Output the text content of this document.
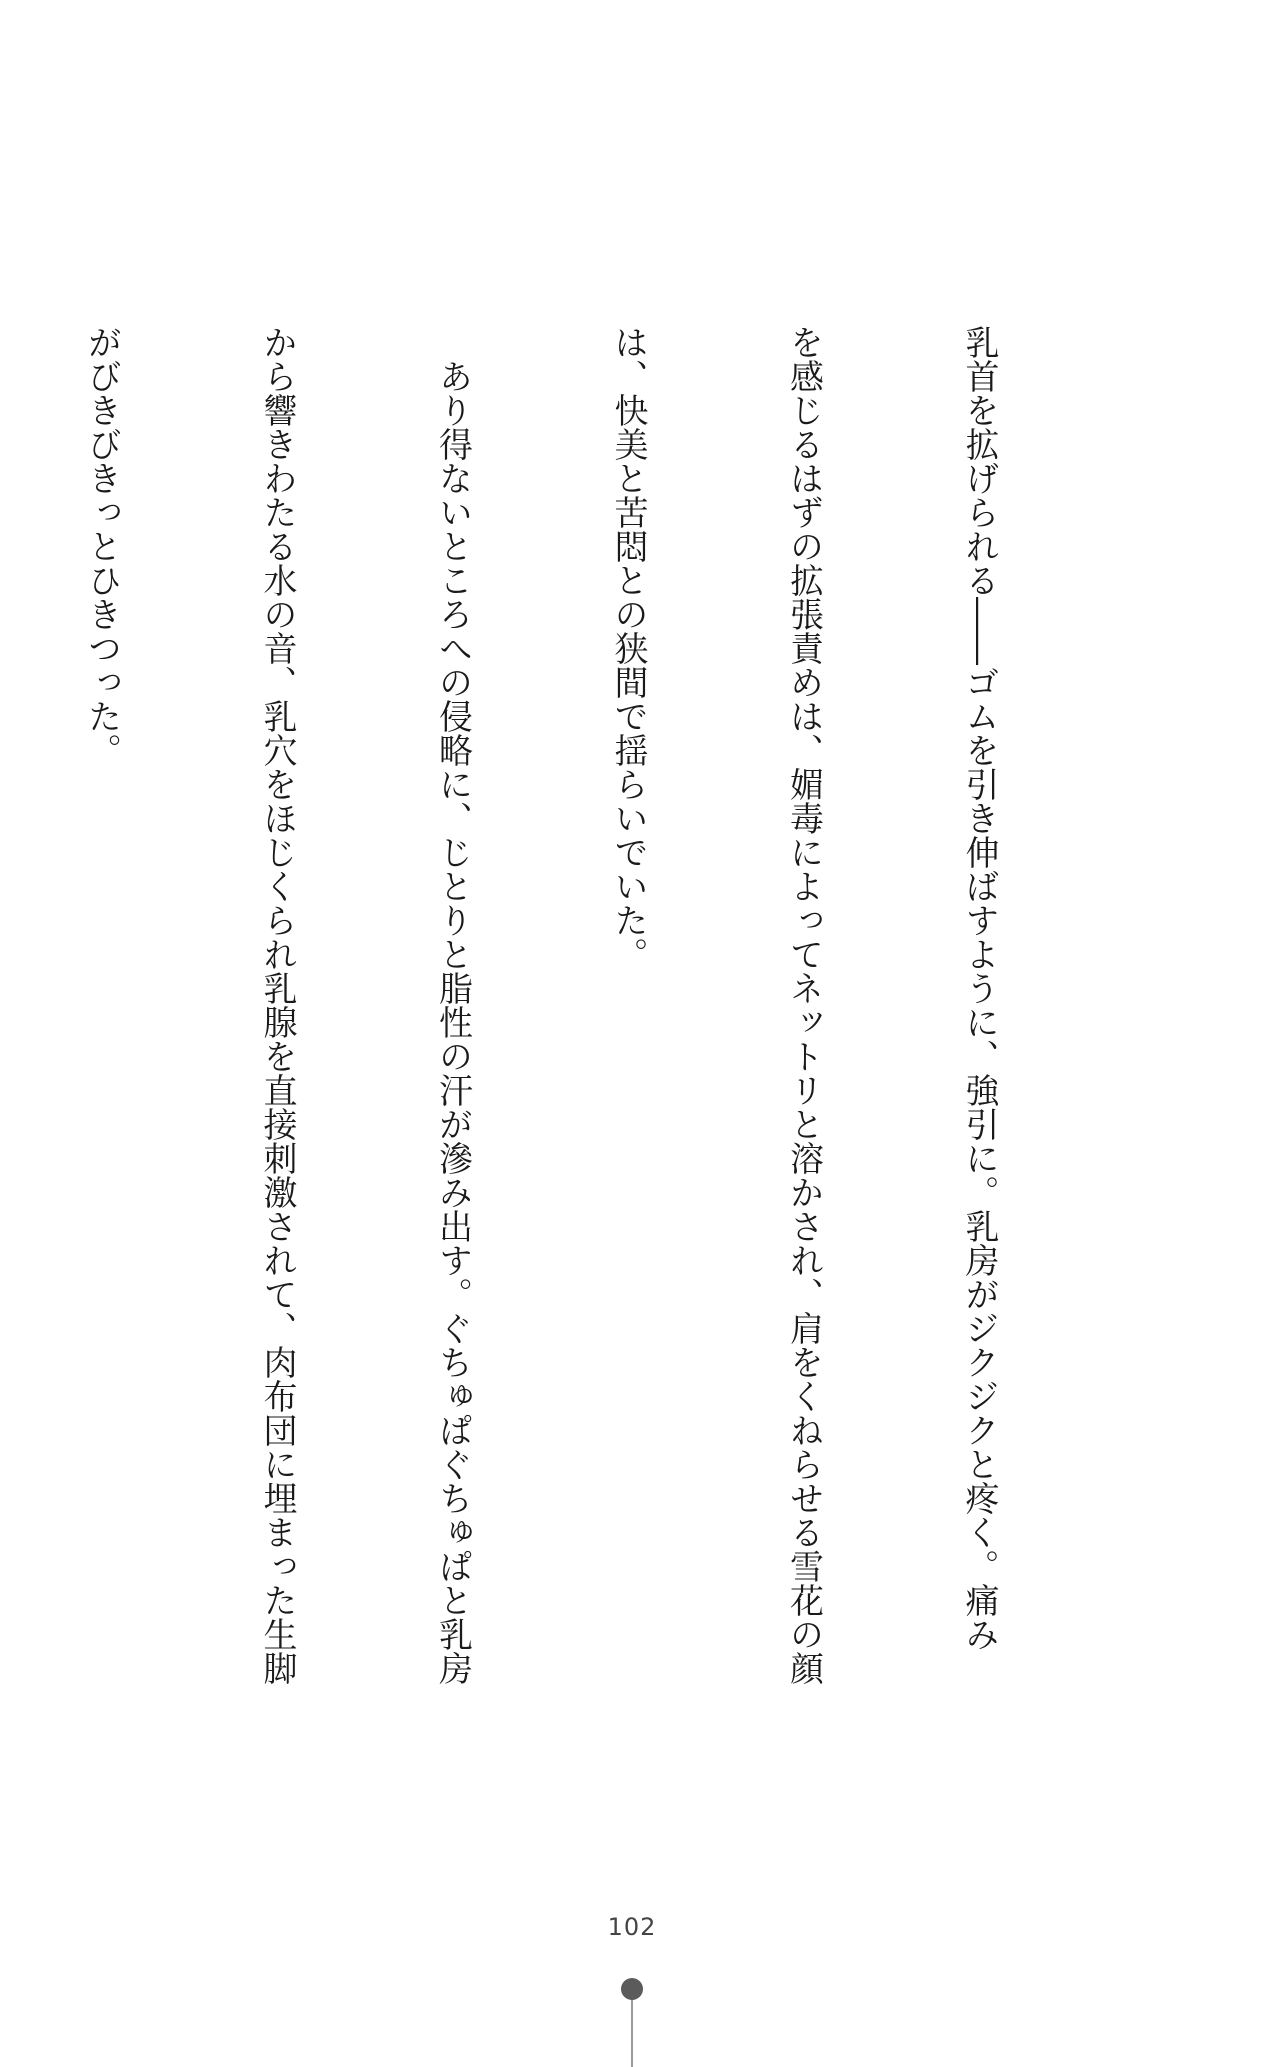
乳首を拡げられる――ゴムを引き伸ばすように、強引に。乳房がジクジクと疼く。痛み

を感じるはずの拡張責めは、媚毒によってネットリと溶かされ、肩をくねらせる雪花の顔

は、快美と苦悶との狭間で揺らいでいた。

　あり得ないところへの侵略に、じとりと脂性の汗が滲み出す。ぐちゅぱぐちゅぱと乳房

から響きわたる水の音、乳穴をほじくられ乳腺を直接刺激されて、肉布団に埋まった生脚

がびきびきっとひきつった。

102
